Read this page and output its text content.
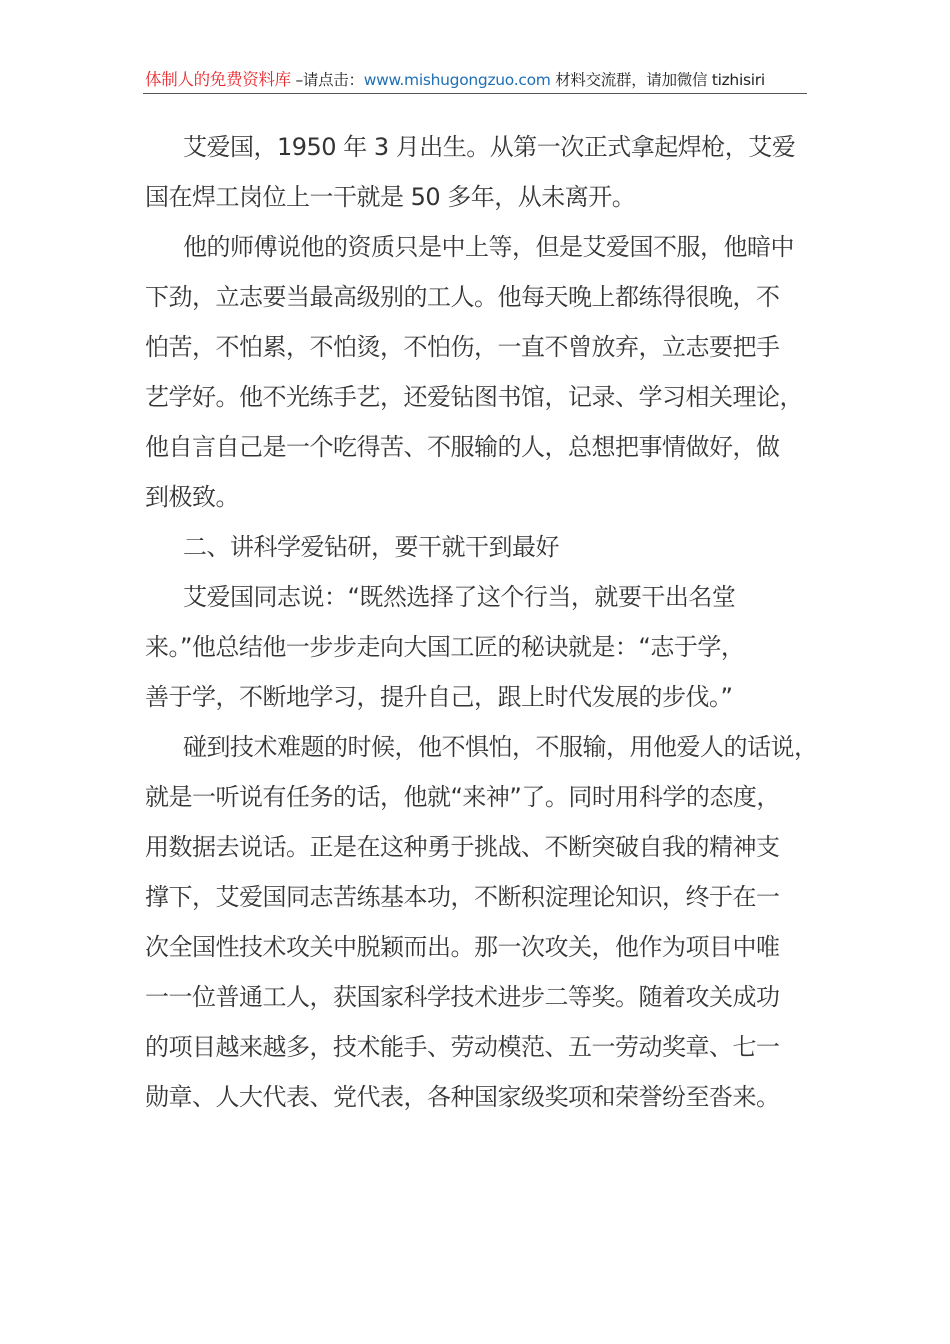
体制人的免费资料库 –请点击：www.mishugongzuo.com 材料交流群，请加微信 tizhisiri

艾爱国，1950 年 3 月出生。从第一次正式拿起焊枪，艾爱
国在焊工岗位上一干就是 50 多年，从未离开。

他的师傅说他的资质只是中上等，但是艾爱国不服，他暗中
下劲，立志要当最高级别的工人。他每天晚上都练得很晚，不
怕苦，不怕累，不怕烫，不怕伤，一直不曾放弃，立志要把手
艺学好。他不光练手艺，还爱钻图书馆，记录、学习相关理论，
他自言自己是一个吃得苦、不服输的人，总想把事情做好，做
到极致。

二、讲科学爱钻研，要干就干到最好

艾爱国同志说：“既然选择了这个行当，就要干出名堂
来。”他总结他一步步走向大国工匠的秘诀就是：“志于学，
善于学，不断地学习，提升自己，跟上时代发展的步伐。”

碰到技术难题的时候，他不惧怕，不服输，用他爱人的话说，
就是一听说有任务的话，他就“来神”了。同时用科学的态度，
用数据去说话。正是在这种勇于挑战、不断突破自我的精神支
撑下，艾爱国同志苦练基本功，不断积淀理论知识，终于在一
次全国性技术攻关中脱颖而出。那一次攻关，他作为项目中唯
一一位普通工人，获国家科学技术进步二等奖。随着攻关成功
的项目越来越多，技术能手、劳动模范、五一劳动奖章、七一
勋章、人大代表、党代表，各种国家级奖项和荣誉纷至沓来。
